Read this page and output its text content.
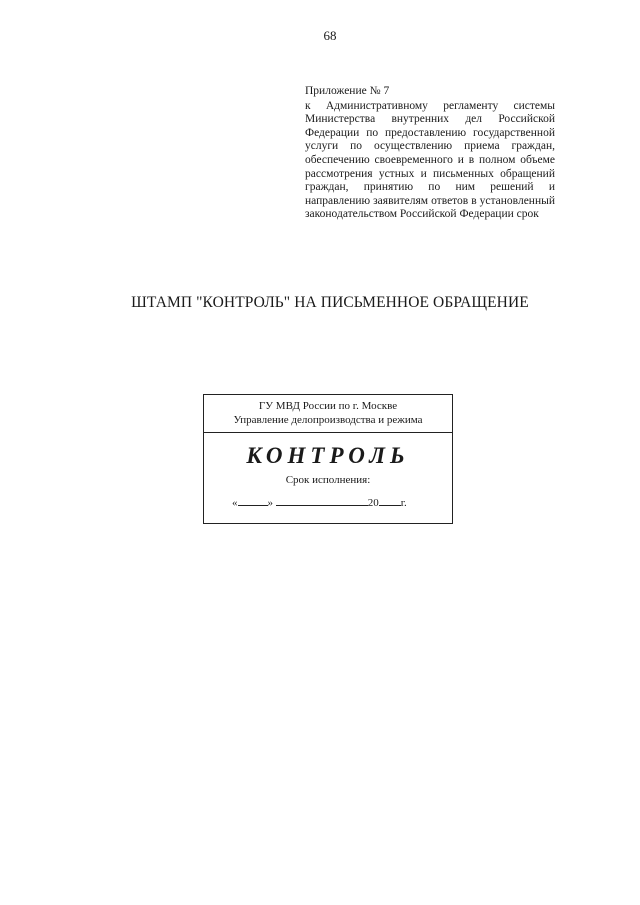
68
Приложение № 7
к Административному регламенту системы Министерства внутренних дел Российской Федерации по предоставлению государственной услуги по осуществлению приема граждан, обеспечению своевременного и в полном объеме рассмотрения устных и письменных обращений граждан, принятию по ним решений и направлению заявителям ответов в установленный законодательством Российской Федерации срок
ШТАМП "КОНТРОЛЬ" НА ПИСЬМЕННОЕ ОБРАЩЕНИЕ
ГУ МВД России по г. Москве
Управление делопроизводства и режима
КОНТРОЛЬ
Срок исполнения:
«	»	20 г.
